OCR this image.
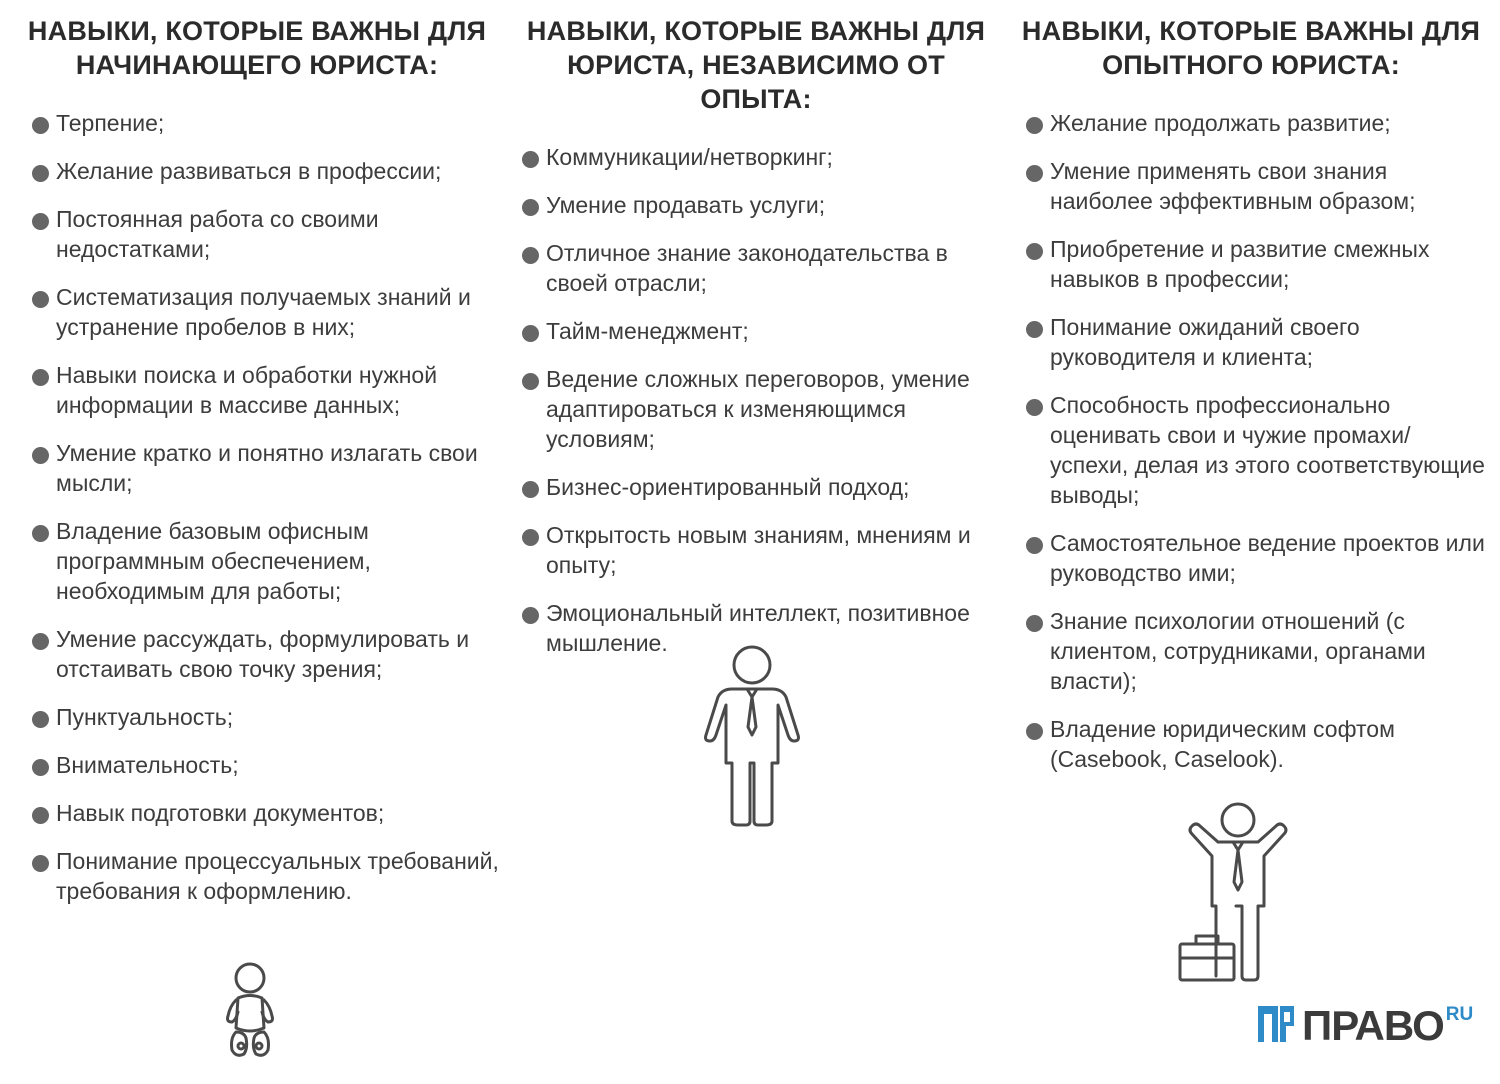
НАВЫКИ, КОТОРЫЕ ВАЖНЫ ДЛЯ НАЧИНАЮЩЕГО ЮРИСТА:
Терпение;
Желание развиваться в профессии;
Постоянная работа со своими недостатками;
Систематизация получаемых знаний и устранение пробелов в них;
Навыки поиска и обработки нужной информации в массиве данных;
Умение кратко и понятно излагать свои мысли;
Владение базовым офисным программным обеспечением, необходимым для работы;
Умение рассуждать, формулировать и отстаивать свою точку зрения;
Пунктуальность;
Внимательность;
Навык подготовки документов;
Понимание процессуальных требований, требования к оформлению.
НАВЫКИ, КОТОРЫЕ ВАЖНЫ ДЛЯ ЮРИСТА, НЕЗАВИСИМО ОТ ОПЫТА:
Коммуникации/нетворкинг;
Умение продавать услуги;
Отличное знание законодательства в своей отрасли;
Тайм-менеджмент;
Ведение сложных переговоров, умение адаптироваться к изменяющимся условиям;
Бизнес-ориентированный подход;
Открытость новым знаниям, мнениям и опыту;
Эмоциональный интеллект, позитивное мышление.
НАВЫКИ, КОТОРЫЕ ВАЖНЫ ДЛЯ ОПЫТНОГО ЮРИСТА:
Желание продолжать развитие;
Умение применять свои знания наиболее эффективным образом;
Приобретение и развитие смежных навыков в профессии;
Понимание ожиданий своего руководителя и клиента;
Способность профессионально оценивать свои и чужие промахи/успехи, делая из этого соответствующие выводы;
Самостоятельное ведение проектов или руководство ими;
Знание психологии отношений (с клиентом, сотрудниками, органами власти);
Владение юридическим софтом (Casebook, Caselook).
ПРАВО RU
